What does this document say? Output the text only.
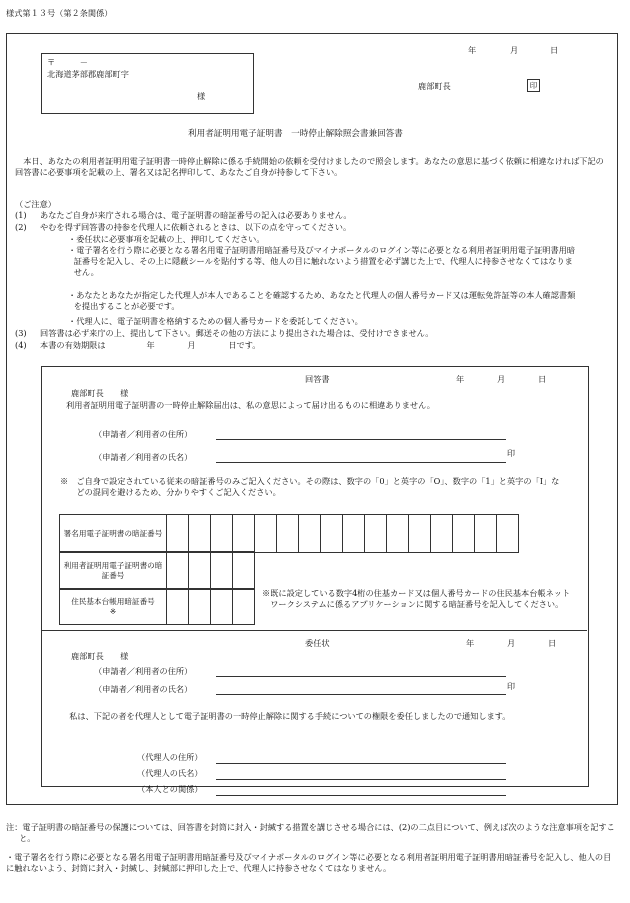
様式第１３号（第２条関係）
年	月	日
〒　　　－
北海道茅部郡鹿部町字
様
鹿部町長	印
利用者証明用電子証明書　一時停止解除照会書兼回答書
本日、あなたの利用者証明用電子証明書一時停止解除に係る手続開始の依頼を受付けましたので照会します。あなたの意思に基づく依頼に相違なければ下記の回答書に必要事項を記載の上、署名又は記名押印して、あなたご自身が持参して下さい。
（ご注意）
(1) あなたご自身が来庁される場合は、電子証明書の暗証番号の記入は必要ありません。
(2) やむを得ず回答書の持参を代理人に依頼されるときは、以下の点を守ってください。
・委任状に必要事項を記載の上、押印してください。
・電子署名を行う際に必要となる署名用電子証明書用暗証番号及びマイナポータルのログイン等に必要となる利用者証明用電子証明書用暗証番号を記入し、その上に隠蔽シールを貼付する等、他人の目に触れないよう措置を必ず講じた上で、代理人に持参させなくてはなりません。
・あなたとあなたが指定した代理人が本人であることを確認するため、あなたと代理人の個人番号カード又は運転免許証等の本人確認書類を提出することが必要です。
・代理人に、電子証明書を格納するための個人番号カードを委託してください。
(3) 回答書は必ず来庁の上、提出して下さい。郵送その他の方法により提出された場合は、受付けできません。
(4) 本書の有効期限は　　　　　年　　　　月　　　　日です。
回答書	年	月	日
鹿部町長　　様
利用者証明用電子証明書の一時停止解除届出は、私の意思によって届け出るものに相違ありません。
（申請者／利用者の住所）
（申請者／利用者の氏名）	印
※　ご自身で設定されている従来の暗証番号のみご記入ください。その際は、数字の「0」と英字の「O」、数字の「1」と英字の「I」などの混同を避けるため、分かりやすくご記入ください。
署名用電子証明書の暗証番号																
利用者証明用電子証明書の暗証番号				
住民基本台帳用暗証番号
※

※既に設定している数字4桁の住基カード又は個人番号カードの住民基本台帳ネットワークシステムに係るアプリケーションに関する暗証番号を記入してください。
委任状	年	月	日
鹿部町長　　様
（申請者／利用者の住所）
（申請者／利用者の氏名）	印
私は、下記の者を代理人として電子証明書の一時停止解除に関する手続についての権限を委任しましたので通知します。
（代理人の住所）
（代理人の氏名）
（本人との関係）
注：電子証明書の暗証番号の保護については、回答書を封筒に封入・封緘する措置を講じさせる場合には、(2)の二点目について、例えば次のような注意事項を記すこと。
・電子署名を行う際に必要となる署名用電子証明書用暗証番号及びマイナポータルのログイン等に必要となる利用者証明用電子証明書用暗証番号を記入し、他人の目に触れないよう、封筒に封入・封緘し、封緘部に押印した上で、代理人に持参させなくてはなりません。
